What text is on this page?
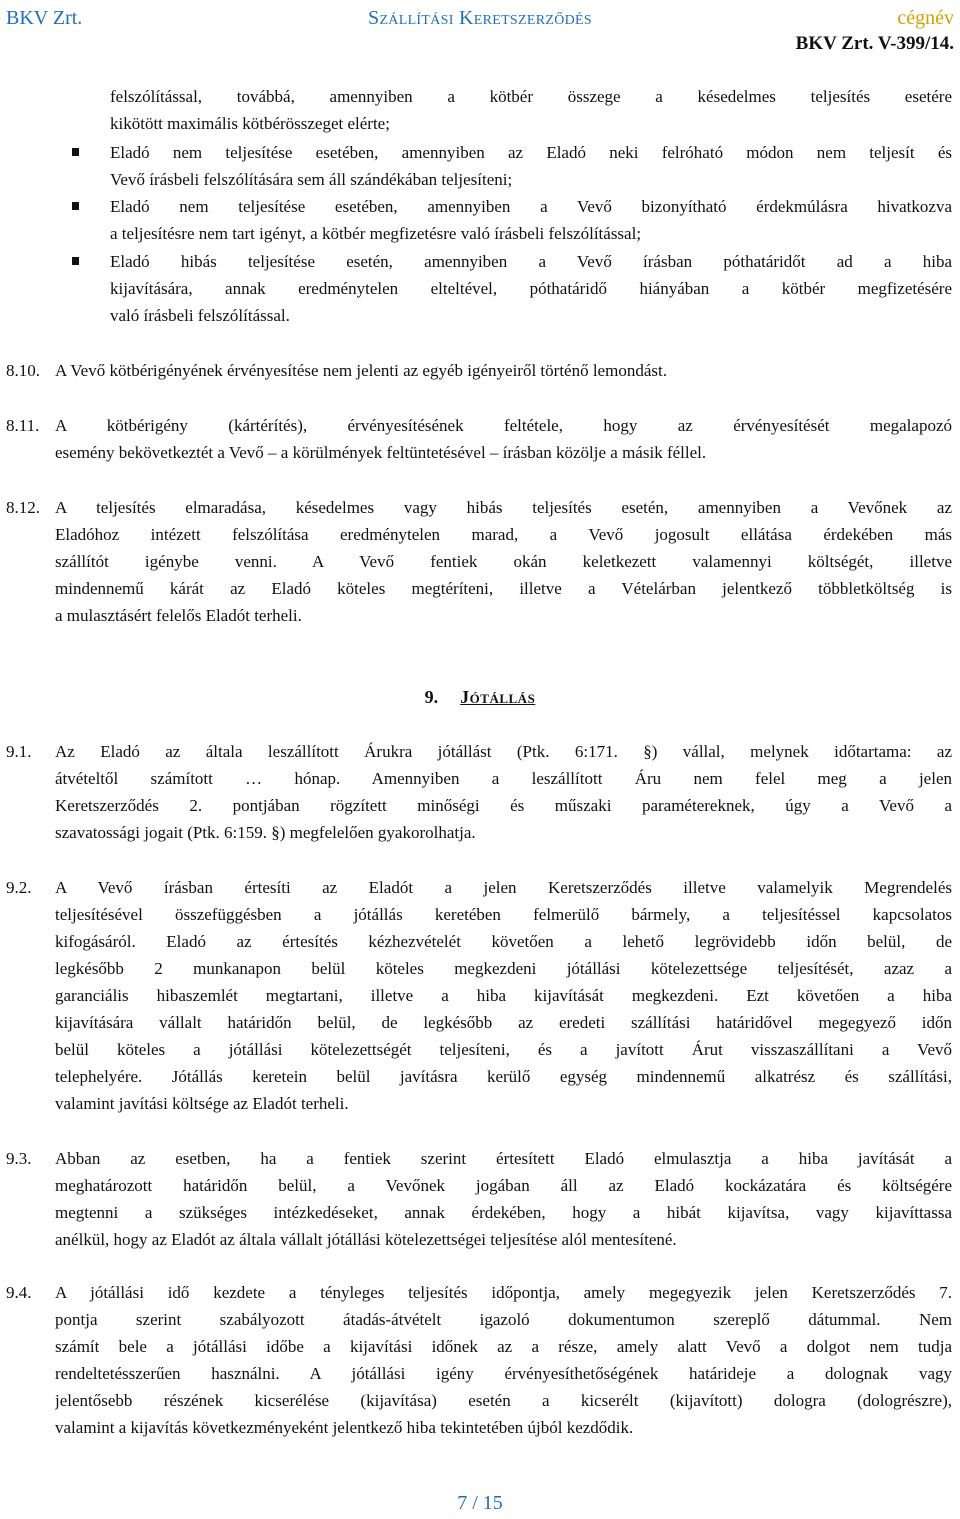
BKV Zrt.	Szállítási Keretszerződés	cégnév
BKV Zrt. V-399/14.
felszólítással, továbbá, amennyiben a kötbér összege a késedelmes teljesítés esetére
kikötött maximális kötbérösszeget elérte;
Eladó nem teljesítése esetében, amennyiben az Eladó neki felróható módon nem teljesít és
Vevő írásbeli felszólítására sem áll szándékában teljesíteni;
Eladó nem teljesítése esetében, amennyiben a Vevő bizonyítható érdekmúlásra hivatkozva
a teljesítésre nem tart igényt, a kötbér megfizetésre való írásbeli felszólítással;
Eladó hibás teljesítése esetén, amennyiben a Vevő írásban póthatáridőt ad a hiba
kijavítására, annak eredménytelen elteltével, póthatáridő hiányában a kötbér megfizetésére
való írásbeli felszólítással.
8.10. A Vevő kötbérigényének érvényesítése nem jelenti az egyéb igényeiről történő lemondást.
8.11. A kötbérigény (kártérítés), érvényesítésének feltétele, hogy az érvényesítését megalapozó
esemény bekövetkeztét a Vevő – a körülmények feltüntetésével – írásban közölje a másik féllel.
8.12. A teljesítés elmaradása, késedelmes vagy hibás teljesítés esetén, amennyiben a Vevőnek az
Eladóhoz intézett felszólítása eredménytelen marad, a Vevő jogosult ellátása érdekében más
szállítót igénybe venni. A Vevő fentiek okán keletkezett valamennyi költségét, illetve
mindennemű kárát az Eladó köteles megtéríteni, illetve a Vételárban jelentkező többletköltség is
a mulasztásért felelős Eladót terheli.
9. Jótállás
9.1. Az Eladó az általa leszállított Árukra jótállást (Ptk. 6:171. §) vállal, melynek időtartama: az
átvételtől számított … hónap. Amennyiben a leszállított Áru nem felel meg a jelen
Keretszerződés 2. pontjában rögzített minőségi és műszaki paramétereknek, úgy a Vevő a
szavatossági jogait (Ptk. 6:159. §) megfelelően gyakorolhatja.
9.2. A Vevő írásban értesíti az Eladót a jelen Keretszerződés illetve valamelyik Megrendelés
teljesítésével összefüggésben a jótállás keretében felmerülő bármely, a teljesítéssel kapcsolatos
kifogásáról. Eladó az értesítés kézhezvételét követően a lehető legrövidebb időn belül, de
legkésőbb 2 munkanapon belül köteles megkezdeni jótállási kötelezettsége teljesítését, azaz a
garanciális hibaszemlét megtartani, illetve a hiba kijavítását megkezdeni. Ezt követően a hiba
kijavítására vállalt határidőn belül, de legkésőbb az eredeti szállítási határidővel megegyező időn
belül köteles a jótállási kötelezettségét teljesíteni, és a javított Árut visszaszállítani a Vevő
telephelyére. Jótállás keretein belül javításra kerülő egység mindennemű alkatrész és szállítási,
valamint javítási költsége az Eladót terheli.
9.3. Abban az esetben, ha a fentiek szerint értesített Eladó elmulasztja a hiba javítását a
meghatározott határidőn belül, a Vevőnek jogában áll az Eladó kockázatára és költségére
megtenni a szükséges intézkedéseket, annak érdekében, hogy a hibát kijavítsa, vagy kijavíttassa
anélkül, hogy az Eladót az általa vállalt jótállási kötelezettségei teljesítése alól mentesítené.
9.4. A jótállási idő kezdete a tényleges teljesítés időpontja, amely megegyezik jelen Keretszerződés 7.
pontja szerint szabályozott átadás-átvételt igazoló dokumentumon szereplő dátummal. Nem
számít bele a jótállási időbe a kijavítási időnek az a része, amely alatt Vevő a dolgot nem tudja
rendeltetésszerűen használni. A jótállási igény érvényesíthetőségének határideje a dolognak vagy
jelentősebb részének kicserélése (kijavítása) esetén a kicserélt (kijavított) dologra (dologrészre),
valamint a kijavítás következményeként jelentkező hiba tekintetében újból kezdődik.
7 / 15
